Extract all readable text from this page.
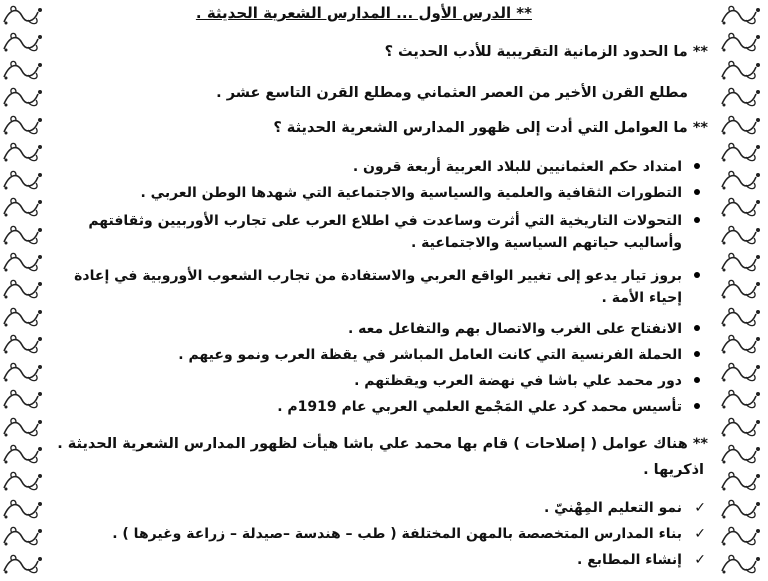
** الدرس الأول ... المدارس الشعرية الحديثة .
** ما الحدود الزمانية التقريبية للأدب الحديث ؟
مطلع القرن الأخير من العصر العثماني ومطلع القرن التاسع عشر .
** ما العوامل التي أدت إلى ظهور المدارس الشعرية الحديثة ؟
امتداد حكم العثمانيين للبلاد العربية أربعة قرون .
التطورات الثقافية والعلمية والسياسية والاجتماعية التي شهدها الوطن العربي .
التحولات التاريخية التي أثرت وساعدت في اطلاع العرب على تجارب الأوربيين وثقافتهم وأساليب حياتهم السياسية والاجتماعية .
بروز تيار يدعو إلى تغيير الواقع العربي والاستفادة من تجارب الشعوب الأوروبية في إعادة إحياء الأمة .
الانفتاح على الغرب والاتصال بهم والتفاعل معه .
الحملة الفرنسية التي كانت العامل المباشر في يقظة العرب ونمو وعيهم .
دور محمد علي باشا في نهضة العرب ويقظتهم .
تأسيس محمد كرد علي المَجْمع العلمي العربي عام 1919م .
** هناك عوامل ( إصلاحات ) قام بها محمد علي باشا هيأت لظهور المدارس الشعرية الحديثة .
اذكريها .
✓
نمو التعليم المِهْنيّ .
✓
بناء المدارس المتخصصة بالمهن المختلفة ( طب – هندسة –صيدلة – زراعة وغيرها ) .
✓
إنشاء المطابع .
